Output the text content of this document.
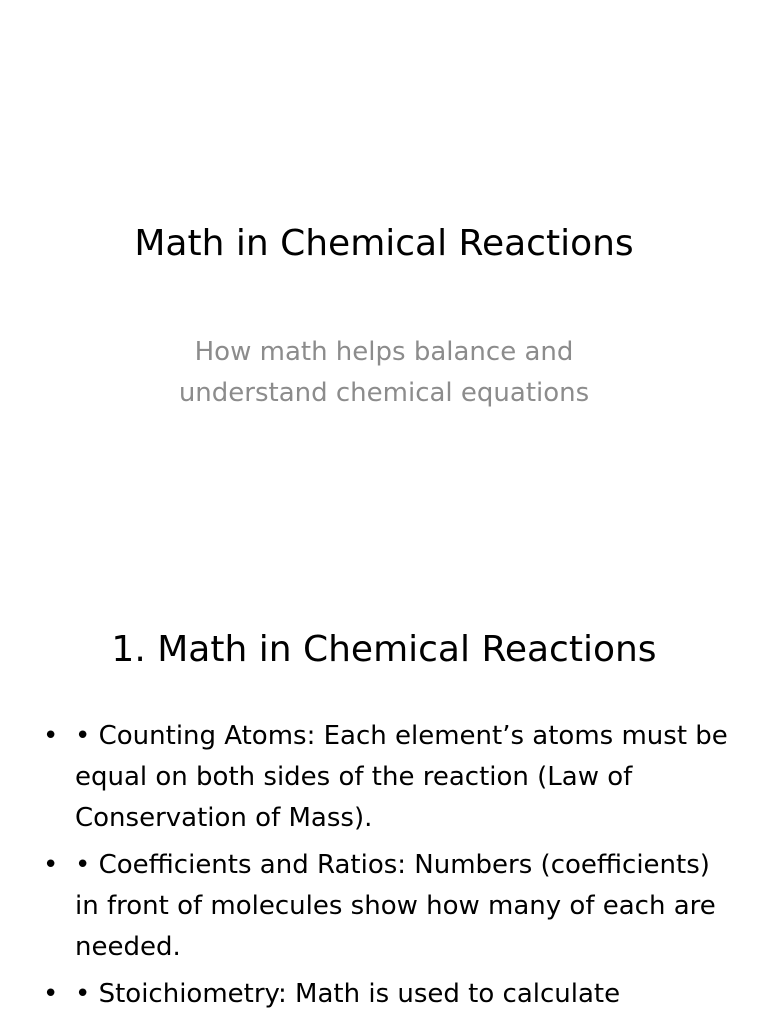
Math in Chemical Reactions
How math helps balance and
understand chemical equations
1. Math in Chemical Reactions
• • Counting Atoms: Each element’s atoms must be equal on both sides of the reaction (Law of Conservation of Mass).
• • Coefficients and Ratios: Numbers (coefficients) in front of molecules show how many of each are needed.
• • Stoichiometry: Math is used to calculate
